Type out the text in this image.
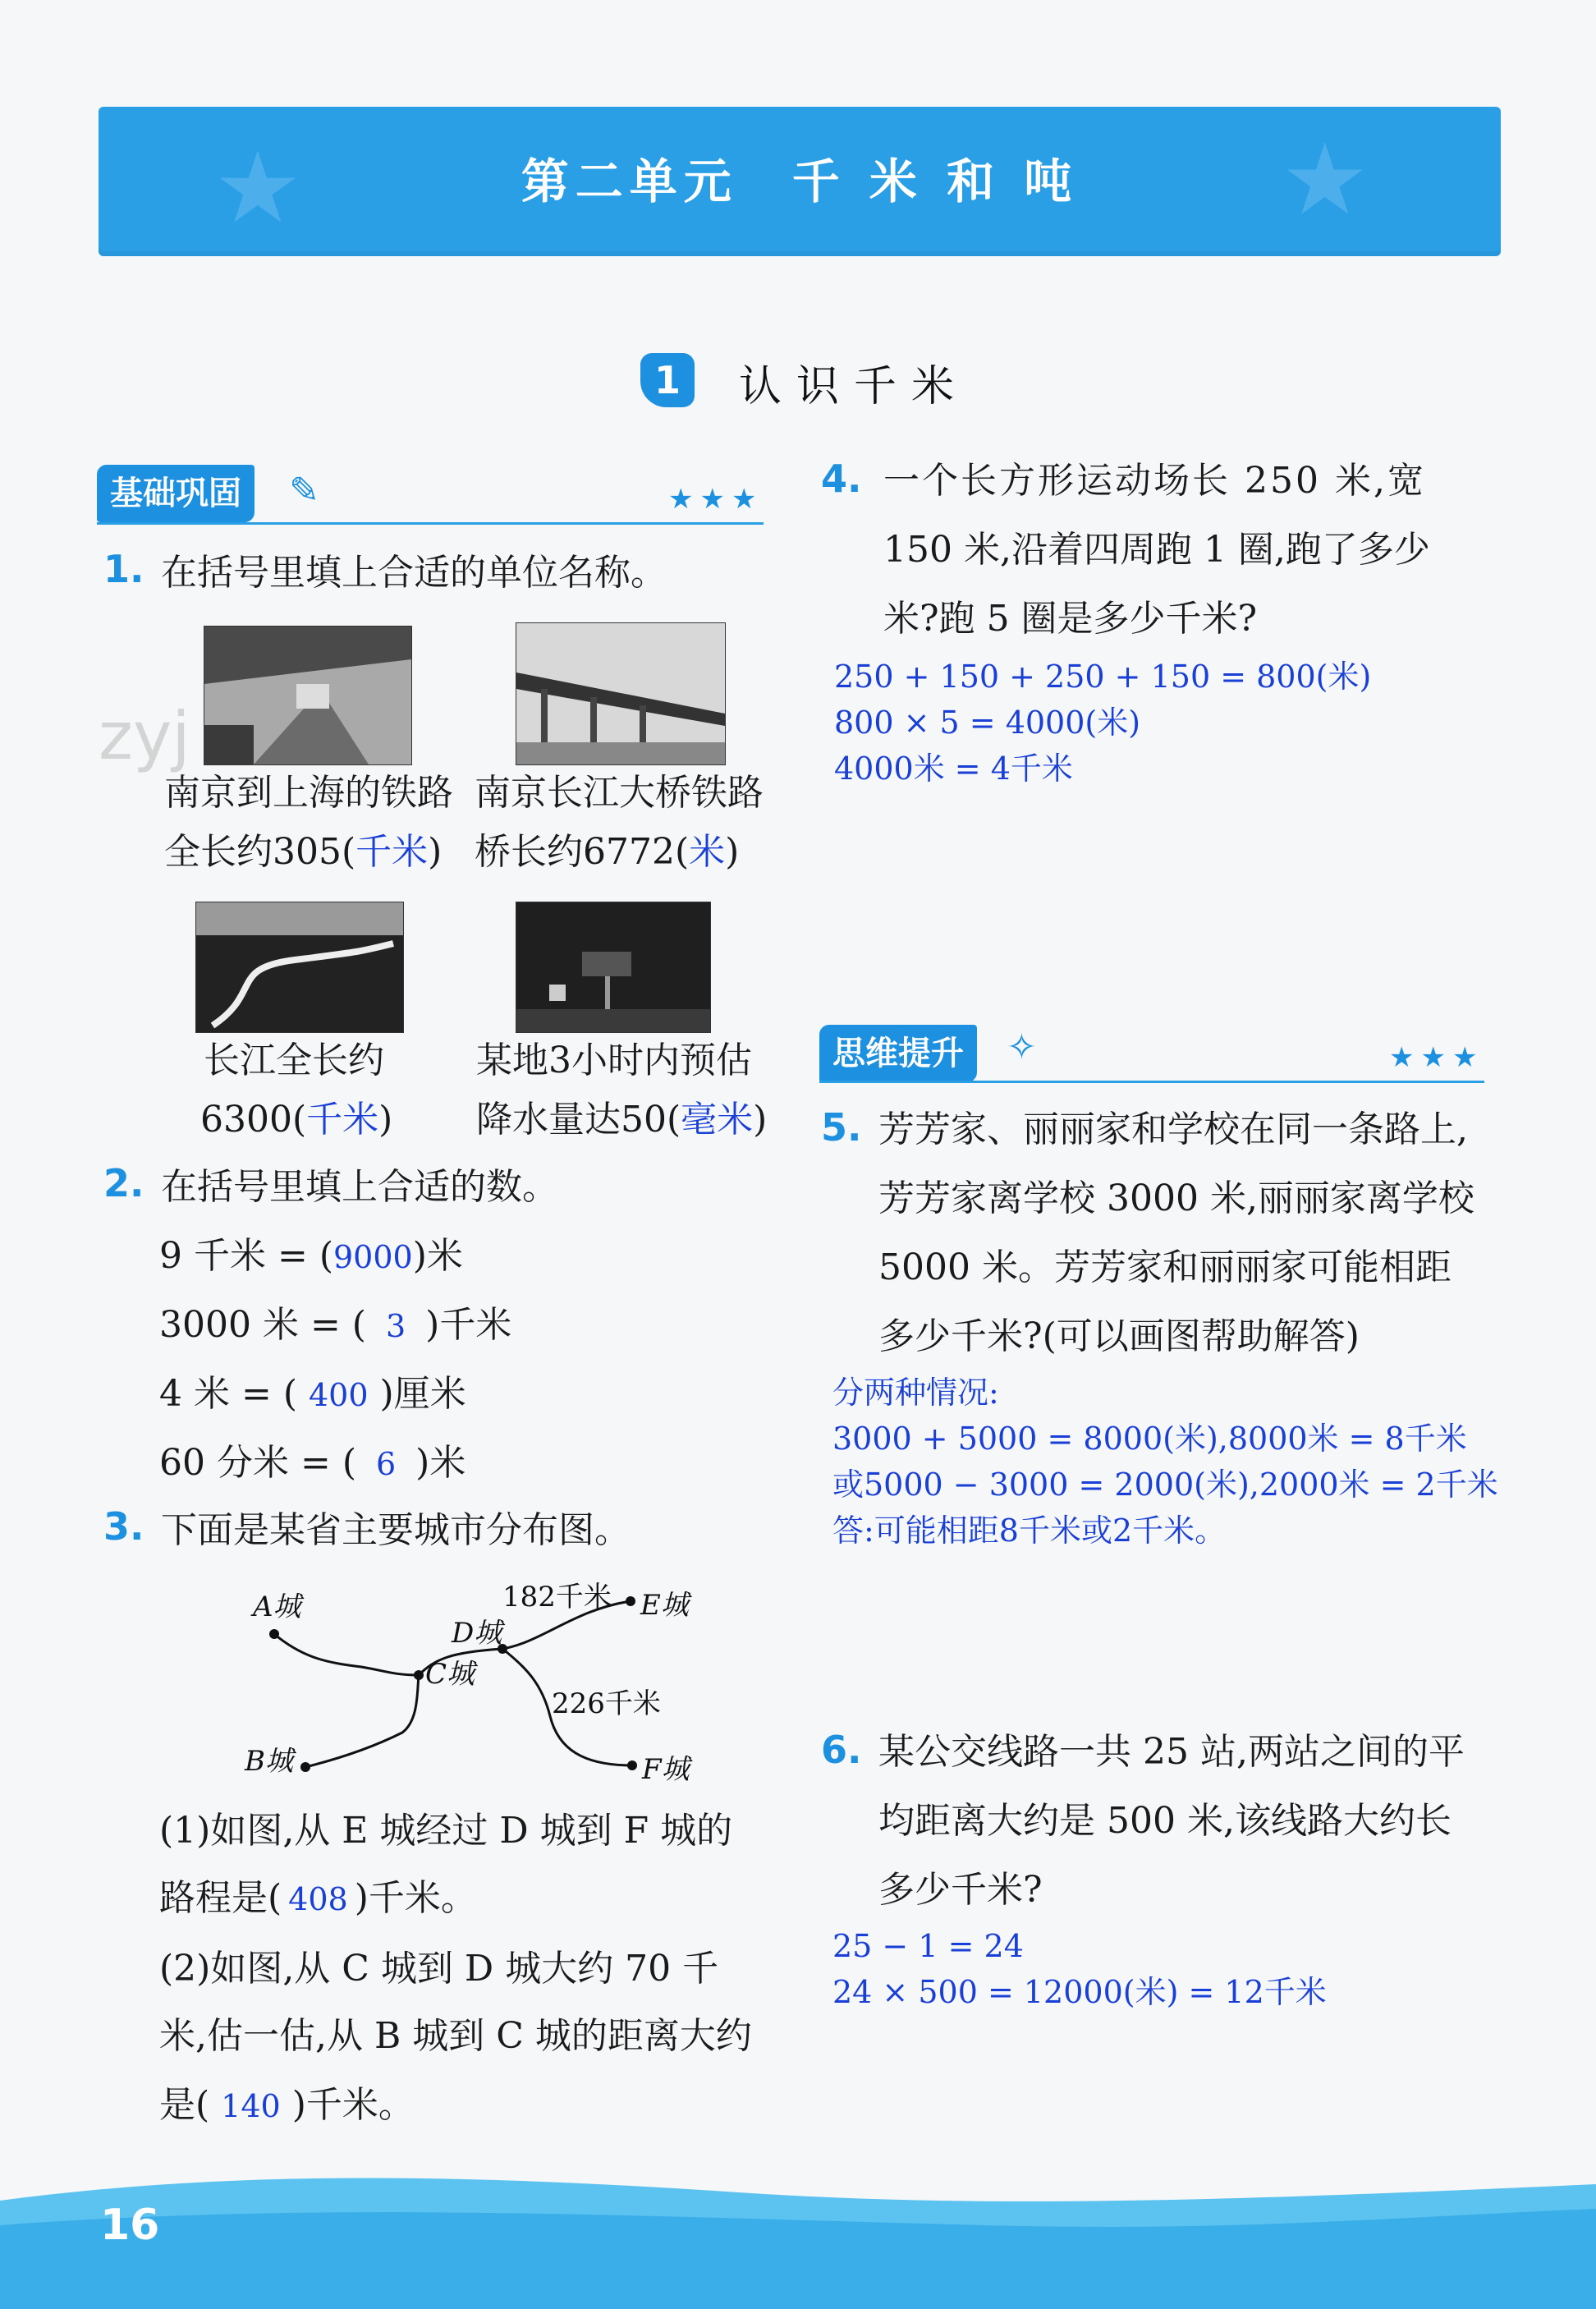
★	★
第二单元　千 米 和 吨
1	认识千米
基础巩固	✎	★★★
1. 在括号里填上合适的单位名称。
zyj
南京到上海的铁路
全长约305(千米)
南京长江大桥铁路
桥长约6772(米)
长江全长约
6300(千米)
某地3小时内预估
降水量达50(毫米)
2. 在括号里填上合适的数。
9 千米 = (9000)米
3000 米 = ( 3 )千米
4 米 = ( 400 )厘米
60 分米 = ( 6 )米
3. 下面是某省主要城市分布图。
A城
B城
C城
D城
E城
F城
182千米
226千米
(1)如图,从 E 城经过 D 城到 F 城的
路程是( 408 )千米。
(2)如图,从 C 城到 D 城大约 70 千
米,估一估,从 B 城到 C 城的距离大约
是( 140 )千米。
4. 一个长方形运动场长 250 米,宽
150 米,沿着四周跑 1 圈,跑了多少
米?跑 5 圈是多少千米?
250 + 150 + 250 + 150 = 800(米)
800 × 5 = 4000(米)
4000米 = 4千米
思维提升	✧	★★★
5. 芳芳家、丽丽家和学校在同一条路上,
芳芳家离学校 3000 米,丽丽家离学校
5000 米。芳芳家和丽丽家可能相距
多少千米?(可以画图帮助解答)
分两种情况:
3000 + 5000 = 8000(米),8000米 = 8千米
或5000 − 3000 = 2000(米),2000米 = 2千米
答:可能相距8千米或2千米。
6. 某公交线路一共 25 站,两站之间的平
均距离大约是 500 米,该线路大约长
多少千米?
25 − 1 = 24
24 × 500 = 12000(米) = 12千米
16
